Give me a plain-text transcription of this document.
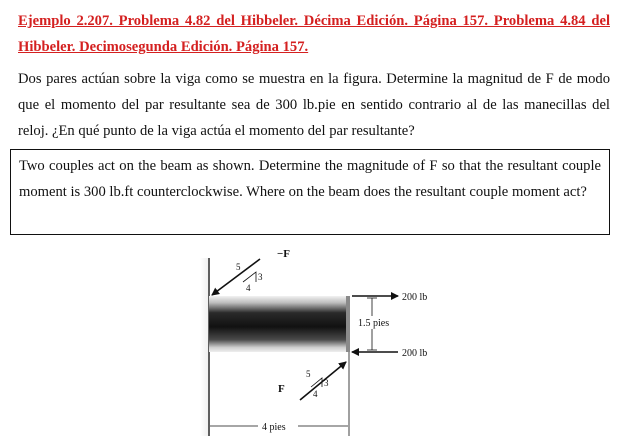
Ejemplo 2.207. Problema 4.82 del Hibbeler. Décima Edición. Página 157. Problema 4.84 del Hibbeler. Decimosegunda Edición. Página 157.

Dos pares actúan sobre la viga como se muestra en la figura. Determine la magnitud de F de modo que el momento del par resultante sea de 300 lb.pie en sentido contrario al de las manecillas del reloj. ¿En qué punto de la viga actúa el momento del par resultante?

Two couples act on the beam as shown. Determine the magnitude of F so that the resultant couple moment is 300 lb.ft counterclockwise. Where on the beam does the resultant couple moment act?

5
3
4
−F
5
3
4
F
200 lb
200 lb
1.5 pies
4 pies
